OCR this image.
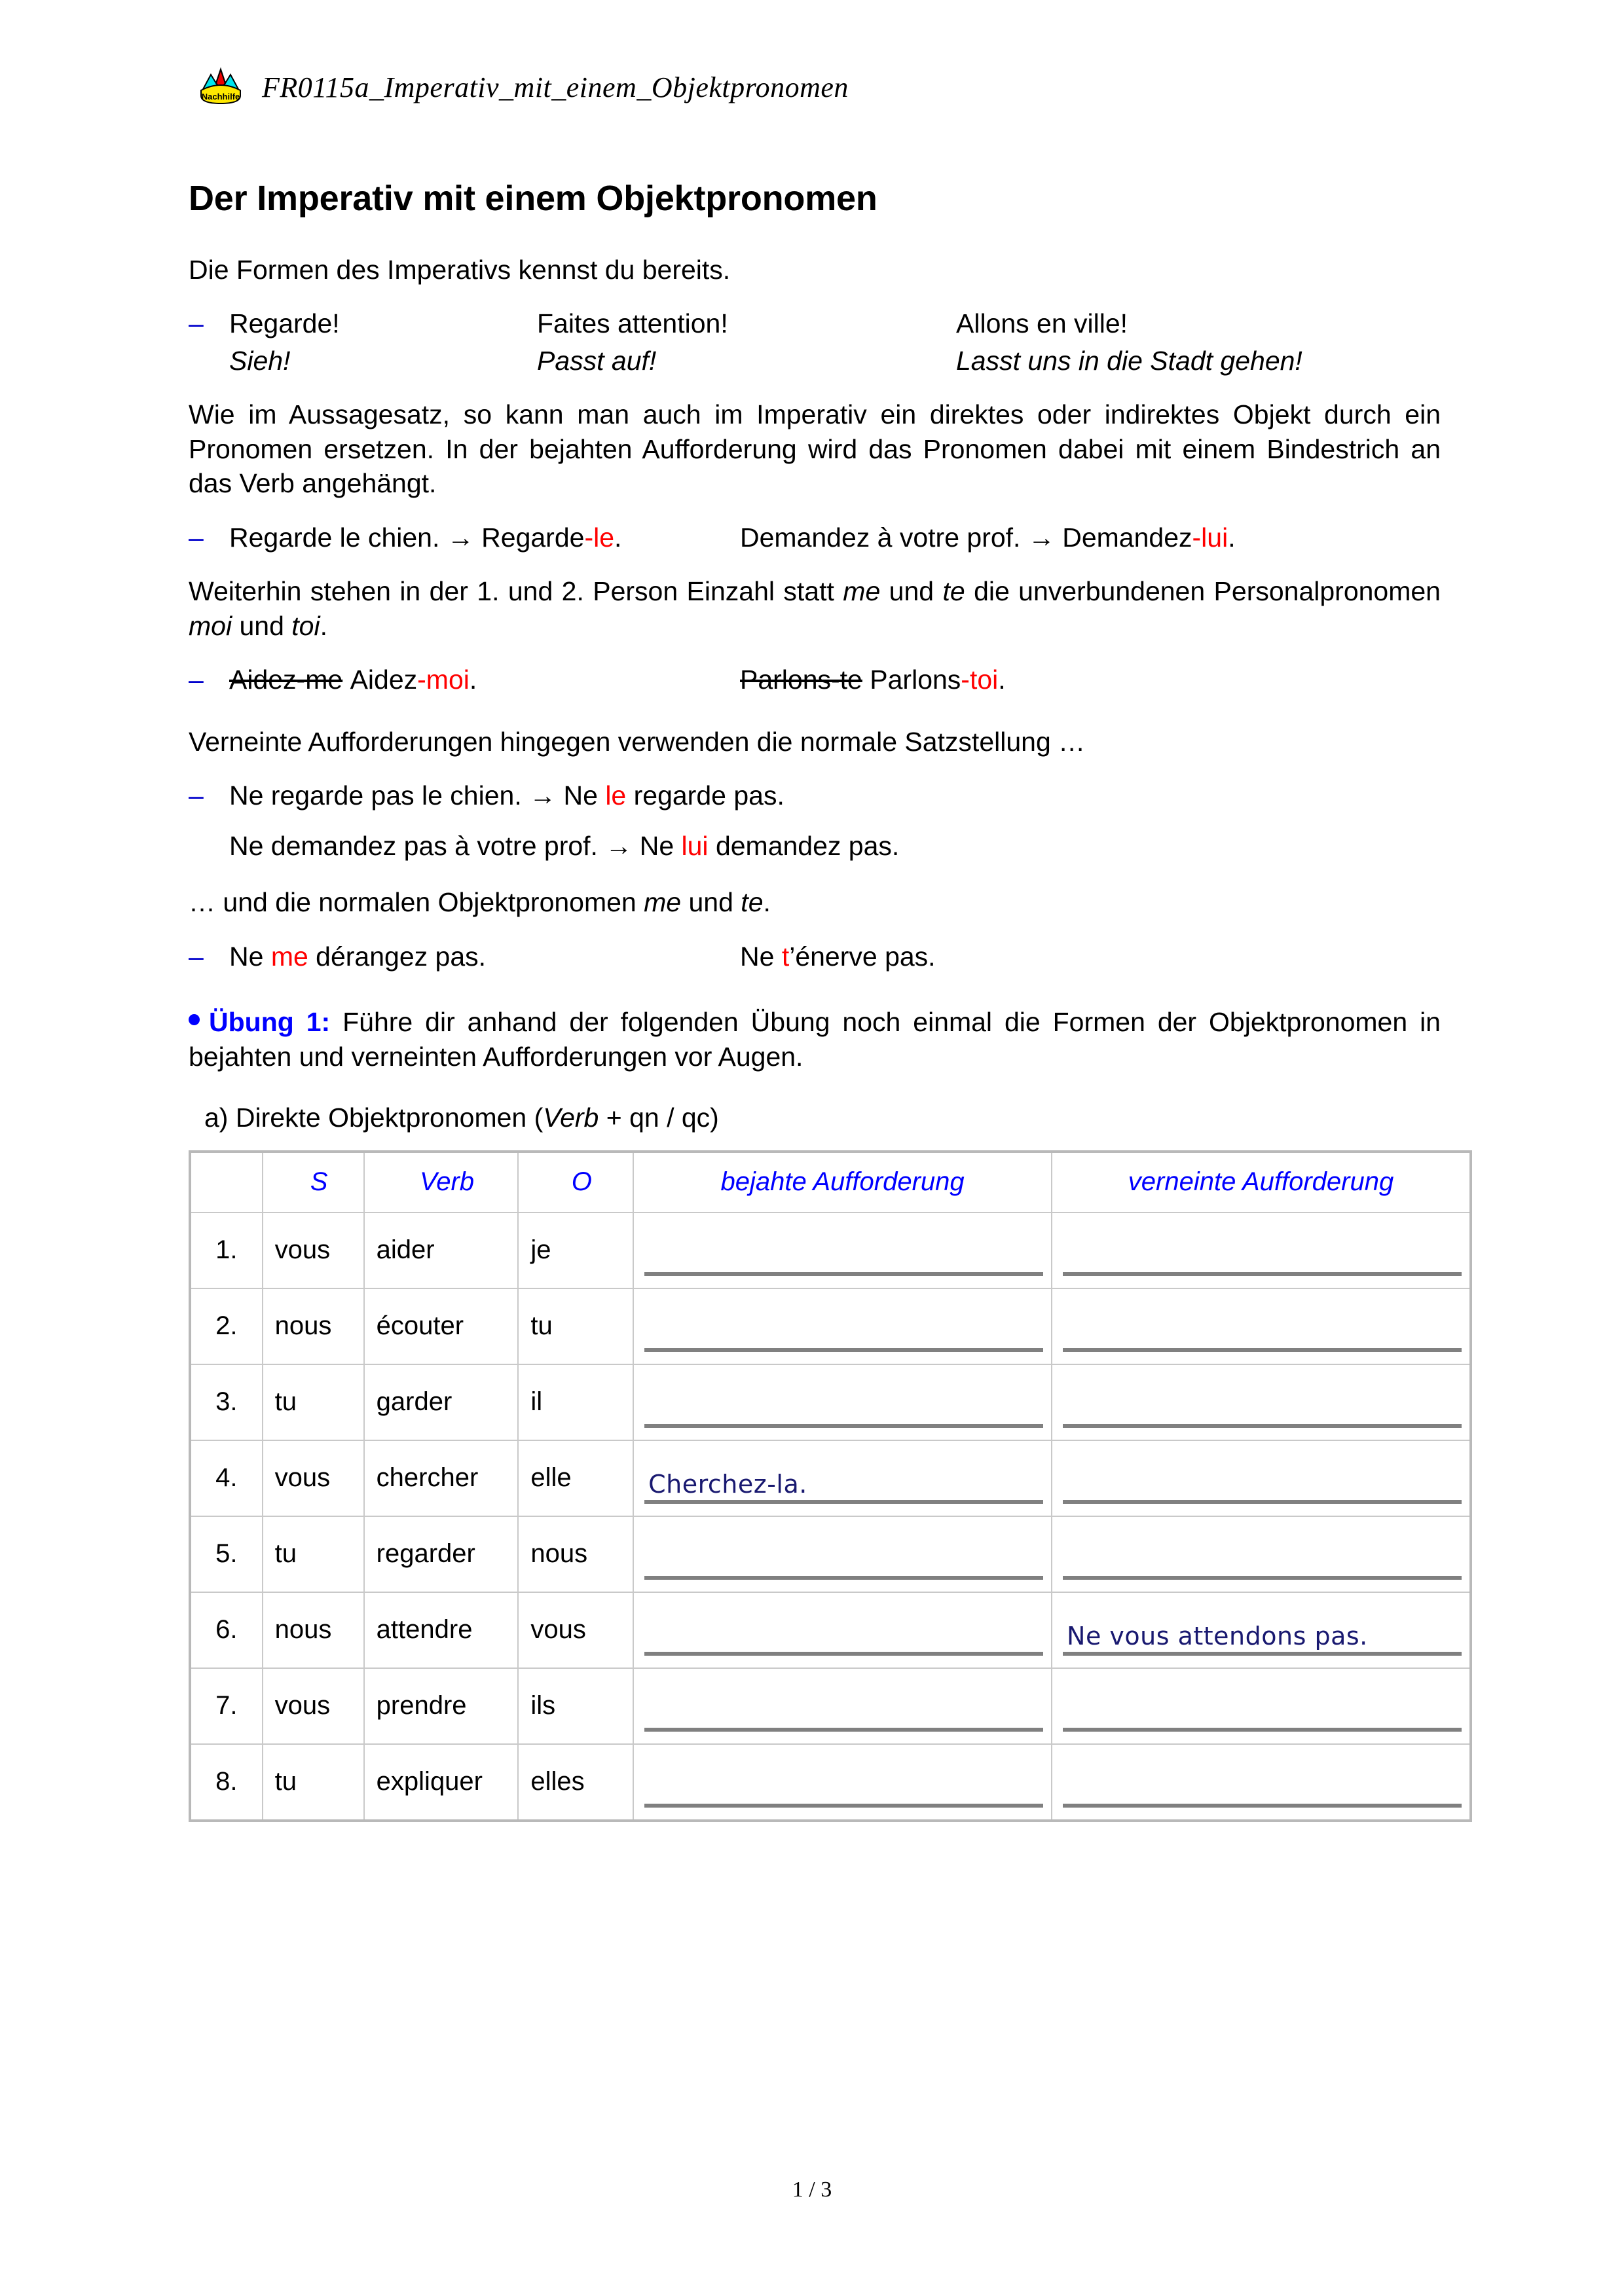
Nachhilfe FR0115a_Imperativ_mit_einem_Objektpronomen
Der Imperativ mit einem Objektpronomen

Die Formen des Imperativs kennst du bereits.

– Regarde!	Faites attention!	Allons en ville!
Sieh!	Passt auf!	Lasst uns in die Stadt gehen!

Wie im Aussagesatz, so kann man auch im Imperativ ein direktes oder indirektes Objekt durch ein Pronomen ersetzen. In der bejahten Aufforderung wird das Pronomen dabei mit einem Bindestrich an das Verb angehängt.

– Regarde le chien. → Regarde-le.	Demandez à votre prof. → Demandez-lui.

Weiterhin stehen in der 1. und 2. Person Einzahl statt me und te die unverbundenen Personalpronomen moi und toi.

– Aidez-me Aidez-moi.	Parlons-te Parlons-toi.

Verneinte Aufforderungen hingegen verwenden die normale Satzstellung …

– Ne regarde pas le chien. → Ne le regarde pas.
Ne demandez pas à votre prof. → Ne lui demandez pas.

… und die normalen Objektpronomen me und te.

– Ne me dérangez pas.	Ne t’énerve pas.

Übung 1: Führe dir anhand der folgenden Übung noch einmal die Formen der Objektpronomen in bejahten und verneinten Aufforderungen vor Augen.

a) Direkte Objektpronomen (Verb + qn / qc)

	S	Verb	O	bejahte Aufforderung	verneinte Aufforderung
1.	vous	aider	je	

2.	nous	écouter	tu	

3.	tu	garder	il	

4.	vous	chercher	elle	Cherchez-la.	

5.	tu	regarder	nous	

6.	nous	attendre	vous		Ne vous attendons pas.

7.	vous	prendre	ils	

8.	tu	expliquer	elles	

1 / 3
